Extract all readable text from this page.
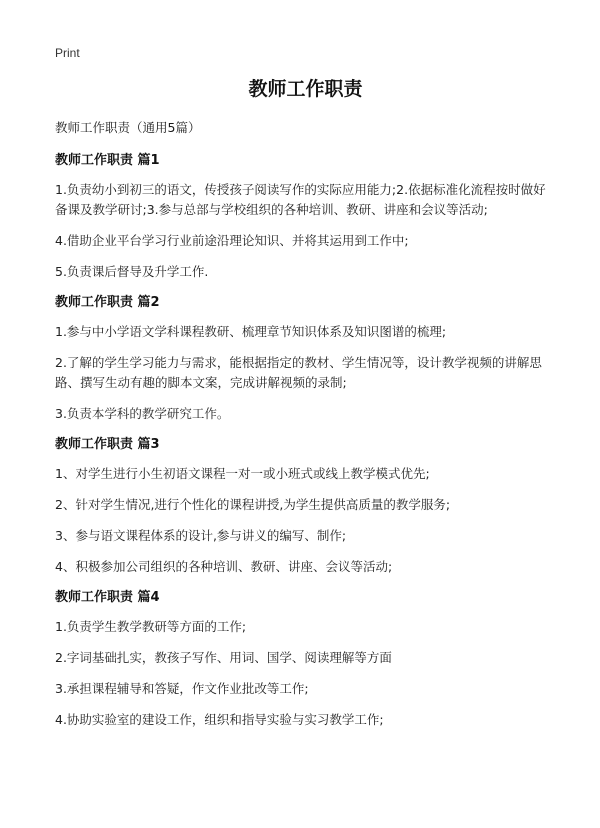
Print
教师工作职责
教师工作职责（通用5篇）
教师工作职责 篇1
1.负责幼小到初三的语文，传授孩子阅读写作的实际应用能力;2.依据标准化流程按时做好备课及教学研讨;3.参与总部与学校组织的各种培训、教研、讲座和会议等活动;
4.借助企业平台学习行业前途沿理论知识、并将其运用到工作中;
5.负责课后督导及升学工作.
教师工作职责 篇2
1.参与中小学语文学科课程教研、梳理章节知识体系及知识图谱的梳理;
2.了解的学生学习能力与需求，能根据指定的教材、学生情况等，设计教学视频的讲解思路、撰写生动有趣的脚本文案，完成讲解视频的录制;
3.负责本学科的教学研究工作。
教师工作职责 篇3
1、对学生进行小生初语文课程一对一或小班式或线上教学模式优先;
2、针对学生情况,进行个性化的课程讲授,为学生提供高质量的教学服务;
3、参与语文课程体系的设计,参与讲义的编写、制作;
4、积极参加公司组织的各种培训、教研、讲座、会议等活动;
教师工作职责 篇4
1.负责学生教学教研等方面的工作;
2.字词基础扎实，教孩子写作、用词、国学、阅读理解等方面
3.承担课程辅导和答疑，作文作业批改等工作;
4.协助实验室的建设工作，组织和指导实验与实习教学工作;
